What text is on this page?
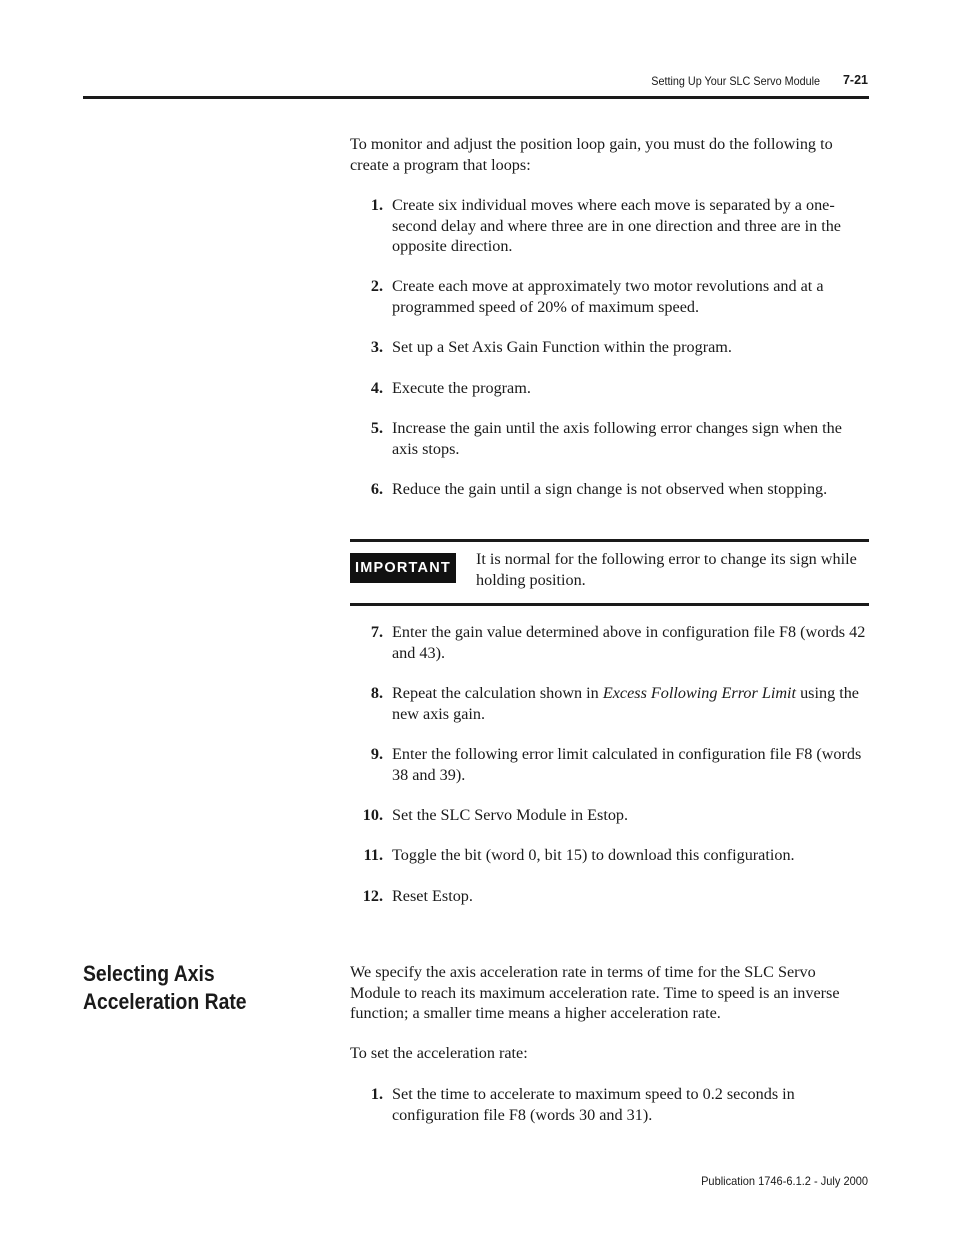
Setting Up Your SLC Servo Module	7-21
To monitor and adjust the position loop gain, you must do the following to create a program that loops:
1. Create six individual moves where each move is separated by a one-second delay and where three are in one direction and three are in the opposite direction.
2. Create each move at approximately two motor revolutions and at a programmed speed of 20% of maximum speed.
3. Set up a Set Axis Gain Function within the program.
4. Execute the program.
5. Increase the gain until the axis following error changes sign when the axis stops.
6. Reduce the gain until a sign change is not observed when stopping.
IMPORTANT	It is normal for the following error to change its sign while holding position.
7. Enter the gain value determined above in configuration file F8 (words 42 and 43).
8. Repeat the calculation shown in Excess Following Error Limit using the new axis gain.
9. Enter the following error limit calculated in configuration file F8 (words 38 and 39).
10. Set the SLC Servo Module in Estop.
11. Toggle the bit (word 0, bit 15) to download this configuration.
12. Reset Estop.
Selecting Axis Acceleration Rate
We specify the axis acceleration rate in terms of time for the SLC Servo Module to reach its maximum acceleration rate. Time to speed is an inverse function; a smaller time means a higher acceleration rate.
To set the acceleration rate:
1. Set the time to accelerate to maximum speed to 0.2 seconds in configuration file F8 (words 30 and 31).
Publication 1746-6.1.2 - July 2000
